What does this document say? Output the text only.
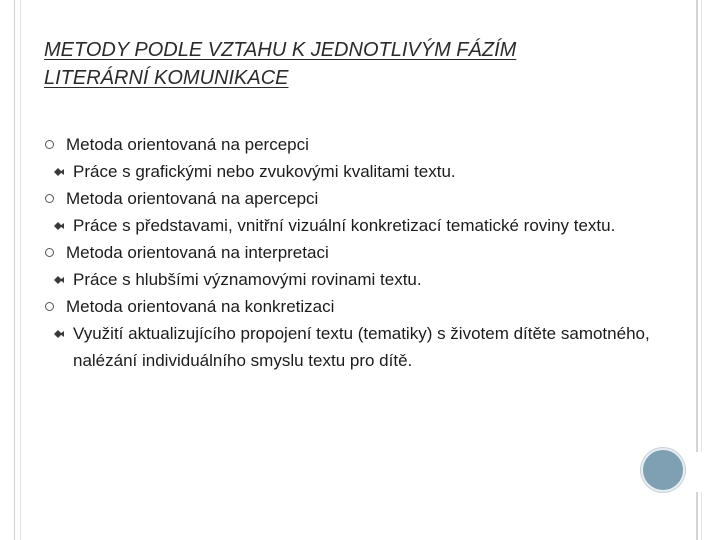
METODY PODLE VZTAHU K JEDNOTLIVÝM FÁZÍM
LITERÁRNÍ KOMUNIKACE
Metoda orientovaná na percepci
Práce s grafickými nebo zvukovými kvalitami textu.
Metoda orientovaná na apercepci
Práce s představami, vnitřní vizuální konkretizací tematické roviny textu.
Metoda orientovaná na interpretaci
Práce s hlubšími významovými rovinami textu.
Metoda orientovaná na konkretizaci
Využití aktualizujícího propojení textu (tematiky) s životem dítěte samotného, nalézání individuálního smyslu textu pro dítě.
